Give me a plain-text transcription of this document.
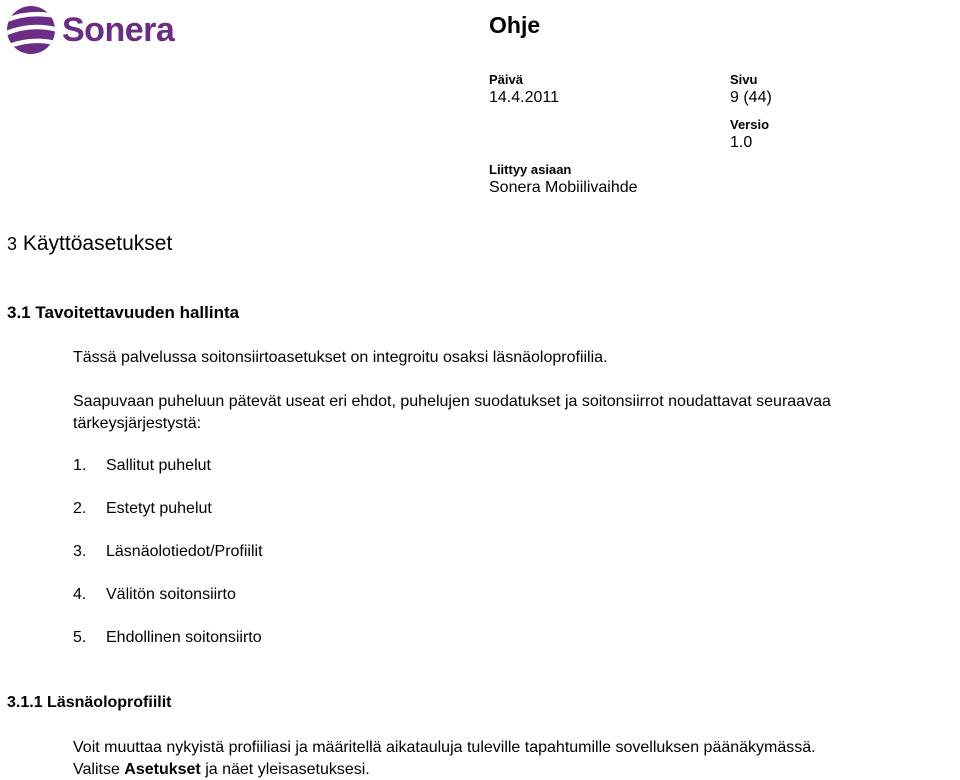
Sonera	Ohje
Päivä
14.4.2011
Sivu
9 (44)
Versio
1.0
Liittyy asiaan
Sonera Mobiilivaihde
3 Käyttöasetukset
3.1 Tavoitettavuuden hallinta
Tässä palvelussa soitonsiirtoasetukset on integroitu osaksi läsnäoloprofiilia.
Saapuvaan puheluun pätevät useat eri ehdot, puhelujen suodatukset ja soitonsiirrot noudattavat seuraavaa
tärkeysjärjestystä:
1. Sallitut puhelut
2. Estetyt puhelut
3. Läsnäolotiedot/Profiilit
4. Välitön soitonsiirto
5. Ehdollinen soitonsiirto
3.1.1 Läsnäoloprofiilit
Voit muuttaa nykyistä profiiliasi ja määritellä aikatauluja tuleville tapahtumille sovelluksen päänäkymässä.
Valitse Asetukset ja näet yleisasetuksesi.
